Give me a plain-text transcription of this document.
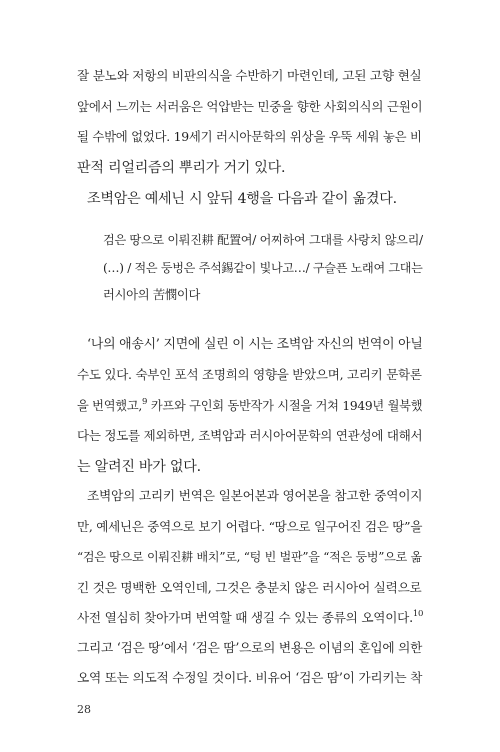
잘 분노와 저항의 비판의식을 수반하기 마련인데, 고된 고향 현실

앞에서 느끼는 서러움은 억압받는 민중을 향한 사회의식의 근원이

될 수밖에 없었다. 19세기 러시아문학의 위상을 우뚝 세워 놓은 비

판적 리얼리즘의 뿌리가 거기 있다.

조벽암은 예세닌 시 앞뒤 4행을 다음과 같이 옮겼다.

검은 땅으로 이뤄진耕 配置여/ 어찌하여 그대를 사랑치 않으리/

(…) / 적은 둥벙은 주석錫같이 빛나고…/ 구슬픈 노래여 그대는

러시아의 苦憫이다

‘나의 애송시’ 지면에 실린 이 시는 조벽암 자신의 번역이 아닐

수도 있다. 숙부인 포석 조명희의 영향을 받았으며, 고리키 문학론

을 번역했고,$^9$ 카프와 구인회 동반작가 시절을 거쳐 1949년 월북했

다는 정도를 제외하면, 조벽암과 러시아어문학의 연관성에 대해서

는 알려진 바가 없다.

조벽암의 고리키 번역은 일본어본과 영어본을 참고한 중역이지

만, 예세닌은 중역으로 보기 어렵다. “땅으로 일구어진 검은 땅”을

“검은 땅으로 이뤄진耕 배치”로, “텅 빈 벌판”을 “적은 둥벙”으로 옮

긴 것은 명백한 오역인데, 그것은 충분치 않은 러시아어 실력으로

사전 열심히 찾아가며 번역할 때 생길 수 있는 종류의 오역이다.$^{10}$

그리고 ‘검은 땅’에서 ‘검은 땀’으로의 변용은 이념의 혼입에 의한

오역 또는 의도적 수정일 것이다. 비유어 ‘검은 땀’이 가리키는 착

28
